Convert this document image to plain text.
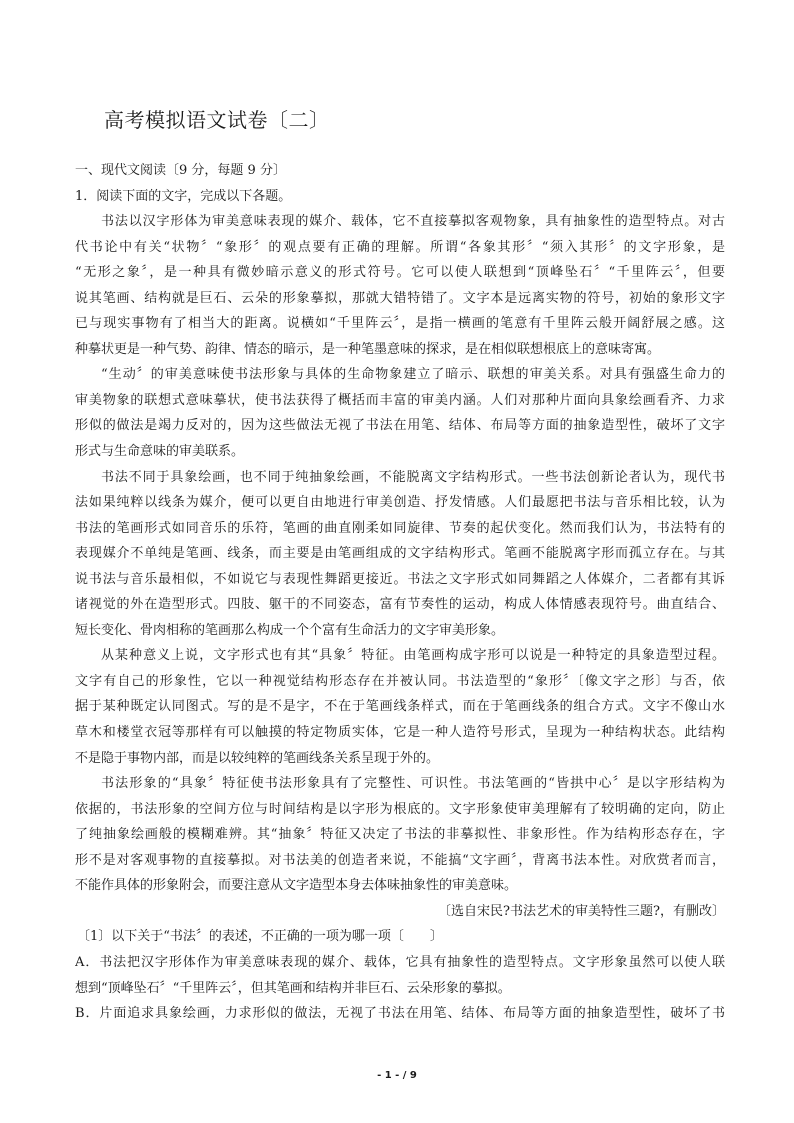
高考模拟语文试卷〔二〕
一、现代文阅读〔9 分，每题 9 分〕
1．阅读下面的文字，完成以下各题。
书法以汉字形体为审美意味表现的媒介、载体，它不直接摹拟客观物象，具有抽象性的造型特点。对古
代书论中有关“状物〞“象形〞的观点要有正确的理解。所谓“各象其形〞“须入其形〞的文字形象，是
“无形之象〞，是一种具有微妙暗示意义的形式符号。它可以使人联想到“顶峰坠石〞“千里阵云〞，但要
说其笔画、结构就是巨石、云朵的形象摹拟，那就大错特错了。文字本是远离实物的符号，初始的象形文字
已与现实事物有了相当大的距离。说横如“千里阵云〞，是指一横画的笔意有千里阵云般开阔舒展之感。这
种摹状更是一种气势、韵律、情态的暗示，是一种笔墨意味的探求，是在相似联想根底上的意味寄寓。
“生动〞的审美意味使书法形象与具体的生命物象建立了暗示、联想的审美关系。对具有强盛生命力的
审美物象的联想式意味摹状，使书法获得了概括而丰富的审美内涵。人们对那种片面向具象绘画看齐、力求
形似的做法是竭力反对的，因为这些做法无视了书法在用笔、结体、布局等方面的抽象造型性，破坏了文字
形式与生命意味的审美联系。
书法不同于具象绘画，也不同于纯抽象绘画，不能脱离文字结构形式。一些书法创新论者认为，现代书
法如果纯粹以线条为媒介，便可以更自由地进行审美创造、抒发情感。人们最愿把书法与音乐相比较，认为
书法的笔画形式如同音乐的乐符，笔画的曲直刚柔如同旋律、节奏的起伏变化。然而我们认为，书法特有的
表现媒介不单纯是笔画、线条，而主要是由笔画组成的文字结构形式。笔画不能脱离字形而孤立存在。与其
说书法与音乐最相似，不如说它与表现性舞蹈更接近。书法之文字形式如同舞蹈之人体媒介，二者都有其诉
诸视觉的外在造型形式。四肢、躯干的不同姿态，富有节奏性的运动，构成人体情感表现符号。曲直结合、
短长变化、骨肉相称的笔画那么构成一个个富有生命活力的文字审美形象。
从某种意义上说，文字形式也有其“具象〞特征。由笔画构成字形可以说是一种特定的具象造型过程。
文字有自己的形象性，它以一种视觉结构形态存在并被认同。书法造型的“象形〞〔像文字之形〕与否，依
据于某种既定认同图式。写的是不是字，不在于笔画线条样式，而在于笔画线条的组合方式。文字不像山水
草木和楼堂衣冠等那样有可以触摸的特定物质实体，它是一种人造符号形式，呈现为一种结构状态。此结构
不是隐于事物内部，而是以较纯粹的笔画线条关系呈现于外的。
书法形象的“具象〞特征使书法形象具有了完整性、可识性。书法笔画的“皆拱中心〞是以字形结构为
依据的，书法形象的空间方位与时间结构是以字形为根底的。文字形象使审美理解有了较明确的定向，防止
了纯抽象绘画般的模糊难辨。其“抽象〞特征又决定了书法的非摹拟性、非象形性。作为结构形态存在，字
形不是对客观事物的直接摹拟。对书法美的创造者来说，不能搞“文字画〞，背离书法本性。对欣赏者而言，
不能作具体的形象附会，而要注意从文字造型本身去体味抽象性的审美意味。
〔选自宋民?书法艺术的审美特性三题?，有删改〕
〔1〕以下关于“书法〞的表述，不正确的一项为哪一项〔　　〕
A．书法把汉字形体作为审美意味表现的媒介、载体，它具有抽象性的造型特点。文字形象虽然可以使人联
想到“顶峰坠石〞“千里阵云〞，但其笔画和结构并非巨石、云朵形象的摹拟。
B．片面追求具象绘画，力求形似的做法，无视了书法在用笔、结体、布局等方面的抽象造型性，破坏了书
- 1 - / 9
